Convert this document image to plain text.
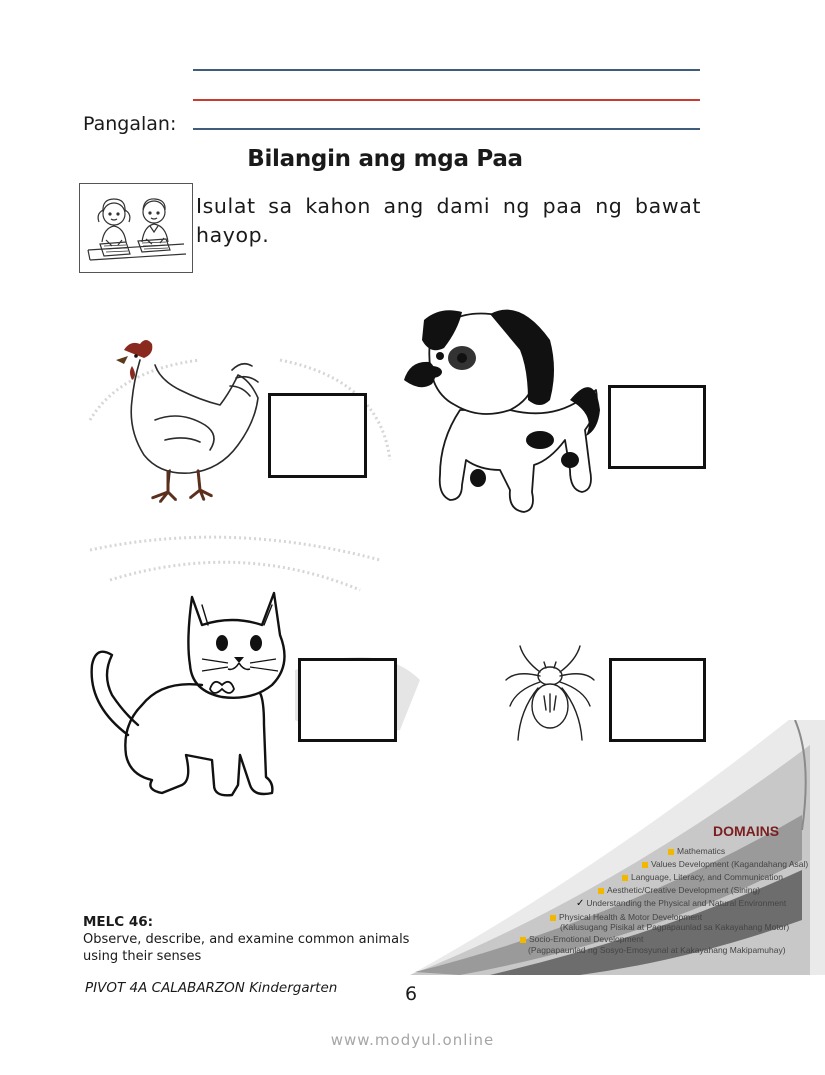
Pangalan:

Bilangin ang mga Paa

Isulat sa kahon ang dami ng paa ng bawat hayop.

DOMAINS
Mathematics
Values Development (Kagandahang Asal)
Language, Literacy, and Communication
Aesthetic/Creative Development (Sining)
✓ Understanding the Physical and Natural Environment
Physical Health & Motor Development
(Kalusugang Pisikal at Pagpapaunlad sa Kakayahang Motor)
Socio-Emotional Development
(Pagpapaunlad ng Sosyo-Emosyunal at Kakayahang Makipamuhay)

MELC 46:

Observe, describe, and examine common animals using their senses

PIVOT 4A CALABARZON Kindergarten	6

www.modyul.online
